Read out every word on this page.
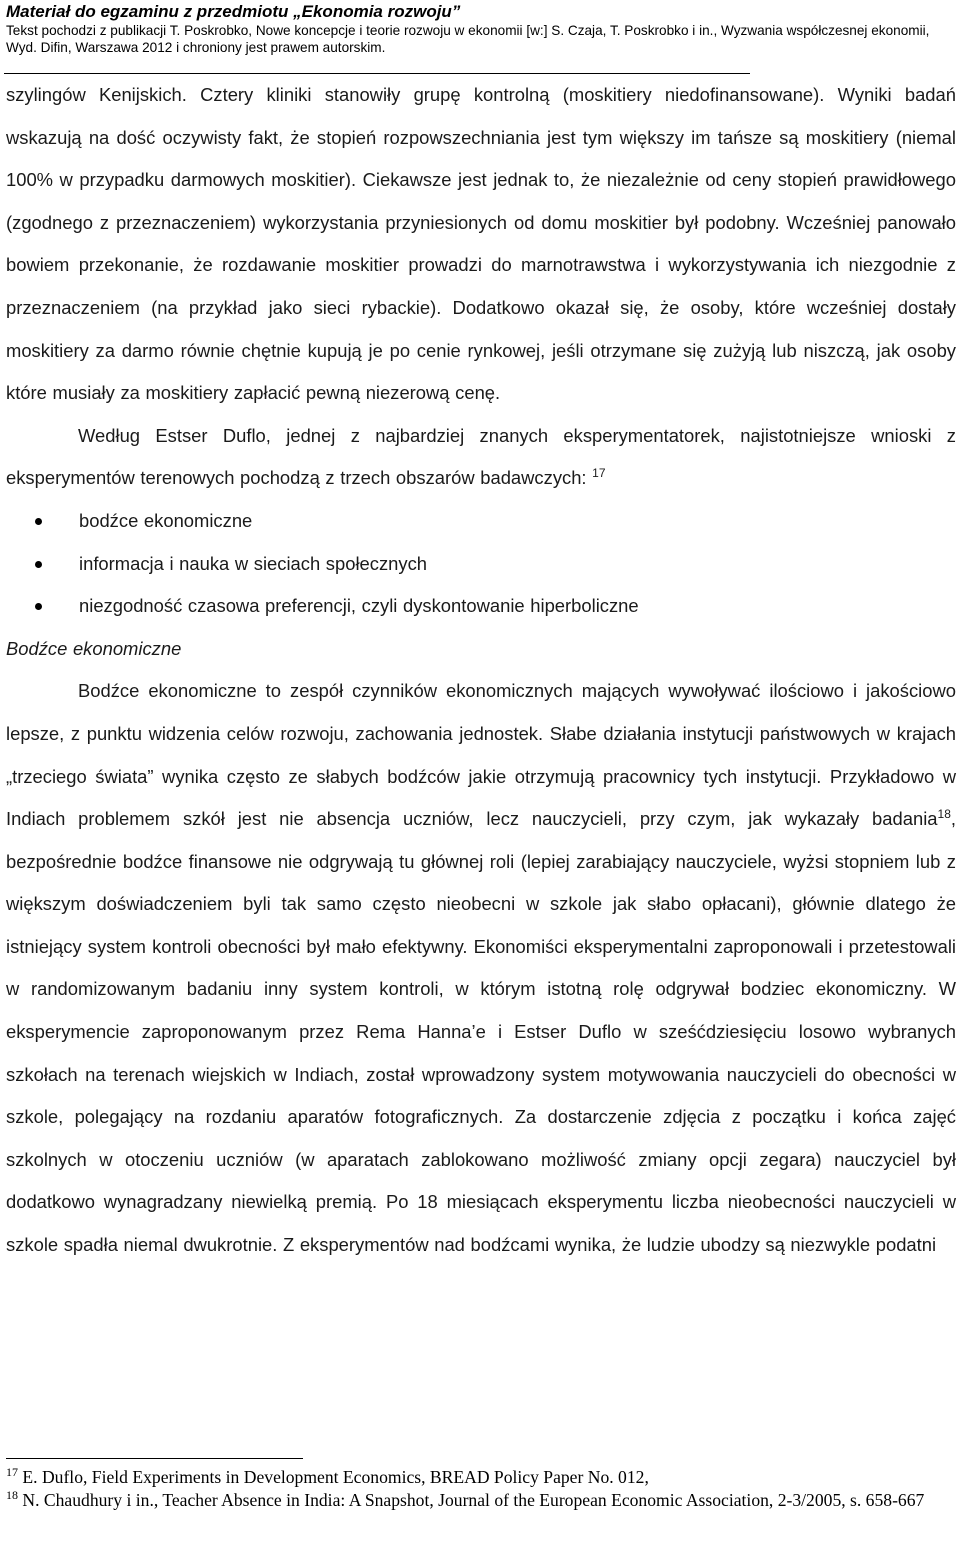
Materiał do egzaminu z przedmiotu „Ekonomia rozwoju”

Tekst pochodzi z publikacji T. Poskrobko, Nowe koncepcje i teorie rozwoju w ekonomii [w:] S. Czaja, T. Poskrobko i in., Wyzwania współczesnej ekonomii,

Wyd. Difin, Warszawa 2012 i chroniony jest prawem autorskim.

szylingów Kenijskich. Cztery kliniki stanowiły grupę kontrolną (moskitiery niedofinansowane). Wyniki badań wskazują na dość oczywisty fakt, że stopień rozpowszechniania jest tym większy im tańsze są moskitiery (niemal 100% w przypadku darmowych moskitier). Ciekawsze jest jednak to, że niezależnie od ceny stopień prawidłowego (zgodnego z przeznaczeniem) wykorzystania przyniesionych od domu moskitier był podobny. Wcześniej panowało bowiem przekonanie, że rozdawanie moskitier prowadzi do marnotrawstwa i wykorzystywania ich niezgodnie z przeznaczeniem (na przykład jako sieci rybackie). Dodatkowo okazał się, że osoby, które wcześniej dostały moskitiery za darmo równie chętnie kupują je po cenie rynkowej, jeśli otrzymane się zużyją lub niszczą, jak osoby które musiały za moskitiery zapłacić pewną niezerową cenę.

Według Estser Duflo, jednej z najbardziej znanych eksperymentatorek, najistotniejsze wnioski z eksperymentów terenowych pochodzą z trzech obszarów badawczych: $^{17}$

bodźce ekonomiczne
informacja i nauka w sieciach społecznych
niezgodność czasowa preferencji, czyli dyskontowanie hiperboliczne

Bodźce ekonomiczne

Bodźce ekonomiczne to zespół czynników ekonomicznych mających wywoływać ilościowo i jakościowo lepsze, z punktu widzenia celów rozwoju, zachowania jednostek. Słabe działania instytucji państwowych w krajach „trzeciego świata” wynika często ze słabych bodźców jakie otrzymują pracownicy tych instytucji. Przykładowo w Indiach problemem szkół jest nie absencja uczniów, lecz nauczycieli, przy czym, jak wykazały badania$^{18}$, bezpośrednie bodźce finansowe nie odgrywają tu głównej roli (lepiej zarabiający nauczyciele, wyżsi stopniem lub z większym doświadczeniem byli tak samo często nieobecni w szkole jak słabo opłacani), głównie dlatego że istniejący system kontroli obecności był mało efektywny. Ekonomiści eksperymentalni zaproponowali i przetestowali w randomizowanym badaniu inny system kontroli, w którym istotną rolę odgrywał bodziec ekonomiczny. W eksperymencie zaproponowanym przez Rema Hanna’e i Estser Duflo w sześćdziesięciu losowo wybranych szkołach na terenach wiejskich w Indiach, został wprowadzony system motywowania nauczycieli do obecności w szkole, polegający na rozdaniu aparatów fotograficznych. Za dostarczenie zdjęcia z początku i końca zajęć szkolnych w otoczeniu uczniów (w aparatach zablokowano możliwość zmiany opcji zegara) nauczyciel był dodatkowo wynagradzany niewielką premią. Po 18 miesiącach eksperymentu liczba nieobecności nauczycieli w szkole spadła niemal dwukrotnie. Z eksperymentów nad bodźcami wynika, że ludzie ubodzy są niezwykle podatni

$^{17}$ E. Duflo, Field Experiments in Development Economics, BREAD Policy Paper No. 012,

$^{18}$ N. Chaudhury i in., Teacher Absence in India: A Snapshot, Journal of the European Economic Association, 2-3/2005, s. 658-667
